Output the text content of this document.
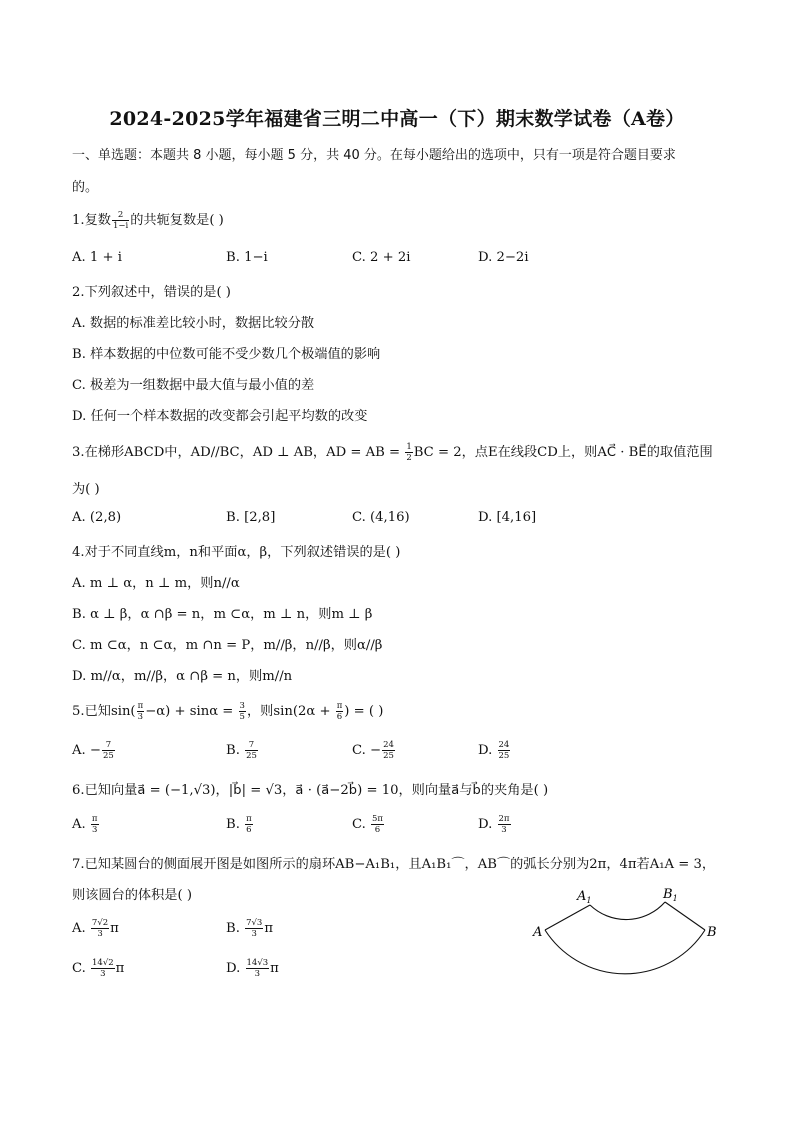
2024-2025学年福建省三明二中高一（下）期末数学试卷（A卷）
一、单选题：本题共 8 小题，每小题 5 分，共 40 分。在每小题给出的选项中，只有一项是符合题目要求
的。
1.复数 $\frac{2}{1-i}$ 的共轭复数是( )
A. 1 + i	B. 1−i	C. 2 + 2i	D. 2−2i
2.下列叙述中，错误的是( )
A. 数据的标准差比较小时，数据比较分散
B. 样本数据的中位数可能不受少数几个极端值的影响
C. 极差为一组数据中最大值与最小值的差
D. 任何一个样本数据的改变都会引起平均数的改变
3.在梯形ABCD中，AD//BC，AD ⊥ AB，AD = AB = $\frac{1}{2}$ BC = 2，点E在线段CD上，则AC⃗ · BE⃗的取值范围
为( )
A. (2,8)	B. [2,8]	C. (4,16)	D. [4,16]
4.对于不同直线m，n和平面α，β，下列叙述错误的是( )
A. m ⊥ α，n ⊥ m，则n//α
B. α ⊥ β，α ∩β = n，m ⊂α，m ⊥ n，则m ⊥ β
C. m ⊂α，n ⊂α，m ∩n = P，m//β，n//β，则α//β
D. m//α，m//β，α ∩β = n，则m//n
5.已知$\sin( \frac{\pi}{3} -\alpha) + \sin\alpha = \frac{3}{5}$ ，则$\sin(2\alpha + \frac{\pi}{6}$ ) = ( )
A. − $\frac{7}{25}$	B. $\frac{7}{25}$	C. − $\frac{24}{25}$	D. $\frac{24}{25}$
6.已知向量a⃗ = (−1,√3)，|b⃗| = √3，a⃗ · (a⃗−2b⃗) = 10，则向量a⃗与b⃗的夹角是( )
A. $\frac{\pi}{3}$	B. $\frac{\pi}{6}$	C. $\frac{5\pi}{6}$	D. $\frac{2\pi}{3}$
7.已知某圆台的侧面展开图是如图所示的扇环AB−A₁B₁，且A₁B₁⌒，AB⌒的弧长分别为2π，4π若A₁A = 3，
则该圆台的体积是( )
A. $\frac{7√2}{3}$ π	B. $\frac{7√3}{3}$ π
C. $\frac{14√2}{3}$ π	D. $\frac{14√3}{3}$ π
A	B
$A_1$	$B_1$
